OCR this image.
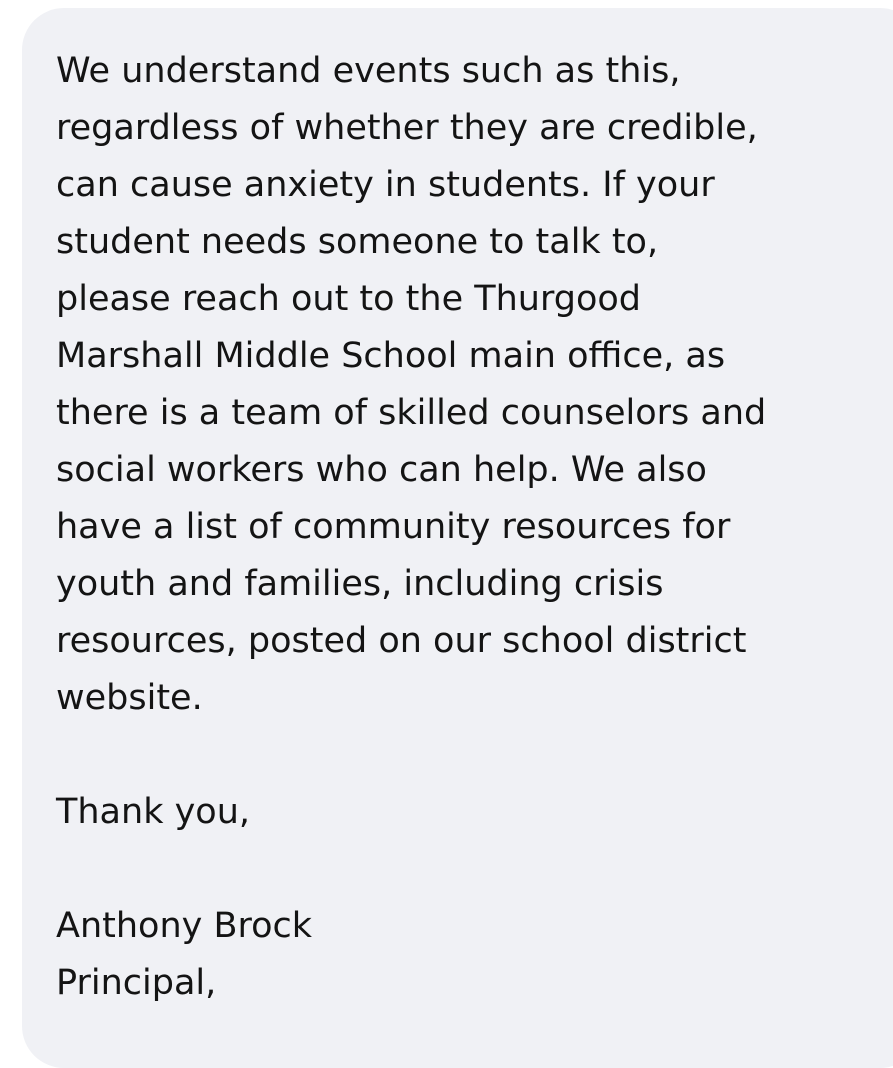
We understand events such as this,
regardless of whether they are credible,
can cause anxiety in students. If your
student needs someone to talk to,
please reach out to the Thurgood
Marshall Middle School main office, as
there is a team of skilled counselors and
social workers who can help. We also
have a list of community resources for
youth and families, including crisis
resources, posted on our school district
website.
Thank you,
Anthony Brock
Principal,
